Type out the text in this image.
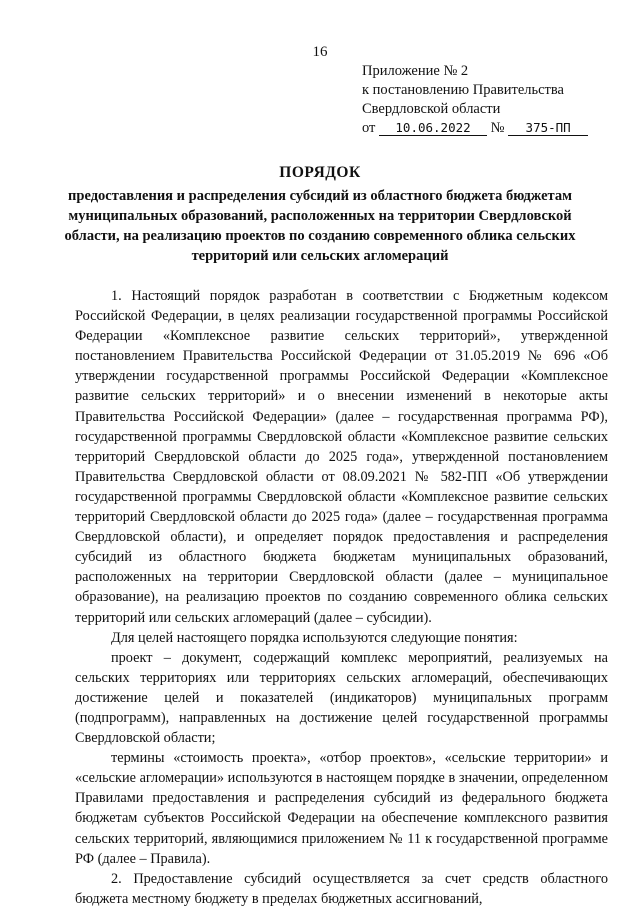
16
Приложение № 2
к постановлению Правительства
Свердловской области
от 10.06.2022 № 375-ПП
ПОРЯДОК
предоставления и распределения субсидий из областного бюджета бюджетам муниципальных образований, расположенных на территории Свердловской области, на реализацию проектов по созданию современного облика сельских территорий или сельских агломераций

1. Настоящий порядок разработан в соответствии с Бюджетным кодексом Российской Федерации, в целях реализации государственной программы Российской Федерации «Комплексное развитие сельских территорий», утвержденной постановлением Правительства Российской Федерации от 31.05.2019 № 696 «Об утверждении государственной программы Российской Федерации «Комплексное развитие сельских территорий» и о внесении изменений в некоторые акты Правительства Российской Федерации» (далее – государственная программа РФ), государственной программы Свердловской области «Комплексное развитие сельских территорий Свердловской области до 2025 года», утвержденной постановлением Правительства Свердловской области от 08.09.2021 № 582-ПП «Об утверждении государственной программы Свердловской области «Комплексное развитие сельских территорий Свердловской области до 2025 года» (далее – государственная программа Свердловской области), и определяет порядок предоставления и распределения субсидий из областного бюджета бюджетам муниципальных образований, расположенных на территории Свердловской области (далее – муниципальное образование), на реализацию проектов по созданию современного облика сельских территорий или сельских агломераций (далее – субсидии).

Для целей настоящего порядка используются следующие понятия:

проект – документ, содержащий комплекс мероприятий, реализуемых на сельских территориях или территориях сельских агломераций, обеспечивающих достижение целей и показателей (индикаторов) муниципальных программ (подпрограмм), направленных на достижение целей государственной программы Свердловской области;

термины «стоимость проекта», «отбор проектов», «сельские территории» и «сельские агломерации» используются в настоящем порядке в значении, определенном Правилами предоставления и распределения субсидий из федерального бюджета бюджетам субъектов Российской Федерации на обеспечение комплексного развития сельских территорий, являющимися приложением № 11 к государственной программе РФ (далее – Правила).

2. Предоставление субсидий осуществляется за счет средств областного бюджета местному бюджету в пределах бюджетных ассигнований,
